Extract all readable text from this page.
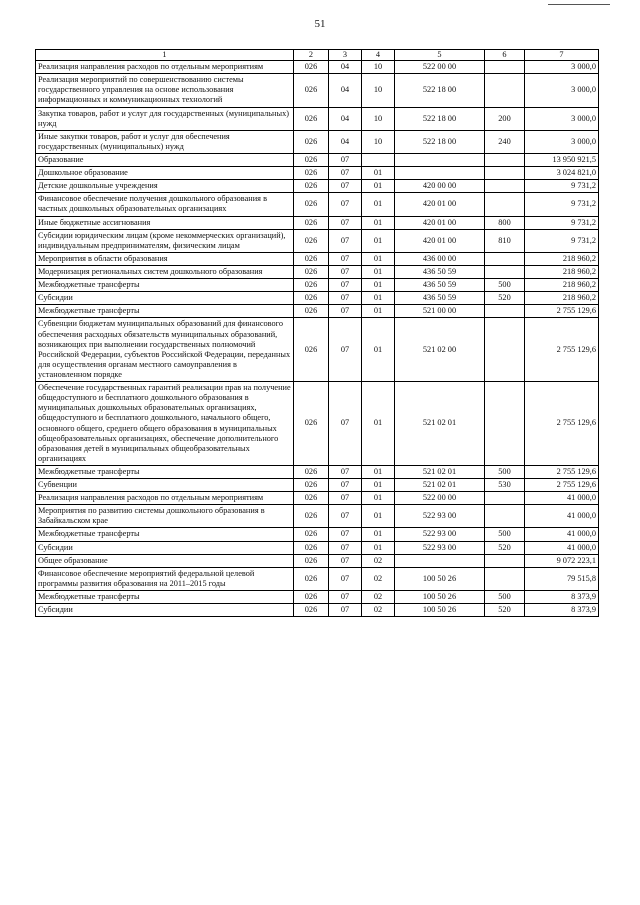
51
1	2	3	4	5	6	7
Реализация направления расходов по отдельным мероприятиям	026	04	10	522 00 00		3 000,0
Реализация мероприятий по совершенствованию системы государственного управления на основе использования информационных и коммуникационных технологий	026	04	10	522 18 00		3 000,0
Закупка товаров, работ и услуг для государственных (муниципальных) нужд	026	04	10	522 18 00	200	3 000,0
Иные закупки товаров, работ и услуг для обеспечения государственных (муниципальных) нужд	026	04	10	522 18 00	240	3 000,0
Образование	026	07				13 950 921,5
Дошкольное образование	026	07	01			3 024 821,0
Детские дошкольные учреждения	026	07	01	420 00 00		9 731,2
Финансовое обеспечение получения дошкольного образования в частных дошкольных образовательных организациях	026	07	01	420 01 00		9 731,2
Иные бюджетные ассигнования	026	07	01	420 01 00	800	9 731,2
Субсидии юридическим лицам (кроме некоммерческих организаций), индивидуальным предпринимателям, физическим лицам	026	07	01	420 01 00	810	9 731,2
Мероприятия в области образования	026	07	01	436 00 00		218 960,2
Модернизация региональных систем дошкольного образования	026	07	01	436 50 59		218 960,2
Межбюджетные трансферты	026	07	01	436 50 59	500	218 960,2
Субсидии	026	07	01	436 50 59	520	218 960,2
Межбюджетные трансферты	026	07	01	521 00 00		2 755 129,6
Субвенции бюджетам муниципальных образований для финансового обеспечения расходных обязательств муниципальных образований, возникающих при выполнении государственных полномочий Российской Федерации, субъектов Российской Федерации, переданных для осуществления органам местного самоуправления в установленном порядке	026	07	01	521 02 00		2 755 129,6
Обеспечение государственных гарантий реализации прав на получение общедоступного и бесплатного дошкольного образования в муниципальных дошкольных образовательных организациях, общедоступного и бесплатного дошкольного, начального общего, основного общего, среднего общего образования в муниципальных общеобразовательных организациях, обеспечение дополнительного образования детей в муниципальных общеобразовательных организациях	026	07	01	521 02 01		2 755 129,6
Межбюджетные трансферты	026	07	01	521 02 01	500	2 755 129,6
Субвенции	026	07	01	521 02 01	530	2 755 129,6
Реализация направления расходов по отдельным мероприятиям	026	07	01	522 00 00		41 000,0
Мероприятия по развитию системы дошкольного образования в Забайкальском крае	026	07	01	522 93 00		41 000,0
Межбюджетные трансферты	026	07	01	522 93 00	500	41 000,0
Субсидии	026	07	01	522 93 00	520	41 000,0
Общее образование	026	07	02			9 072 223,1
Финансовое обеспечение мероприятий федеральной целевой программы развития образования на 2011–2015 годы	026	07	02	100 50 26		79 515,8
Межбюджетные трансферты	026	07	02	100 50 26	500	8 373,9
Субсидии	026	07	02	100 50 26	520	8 373,9
